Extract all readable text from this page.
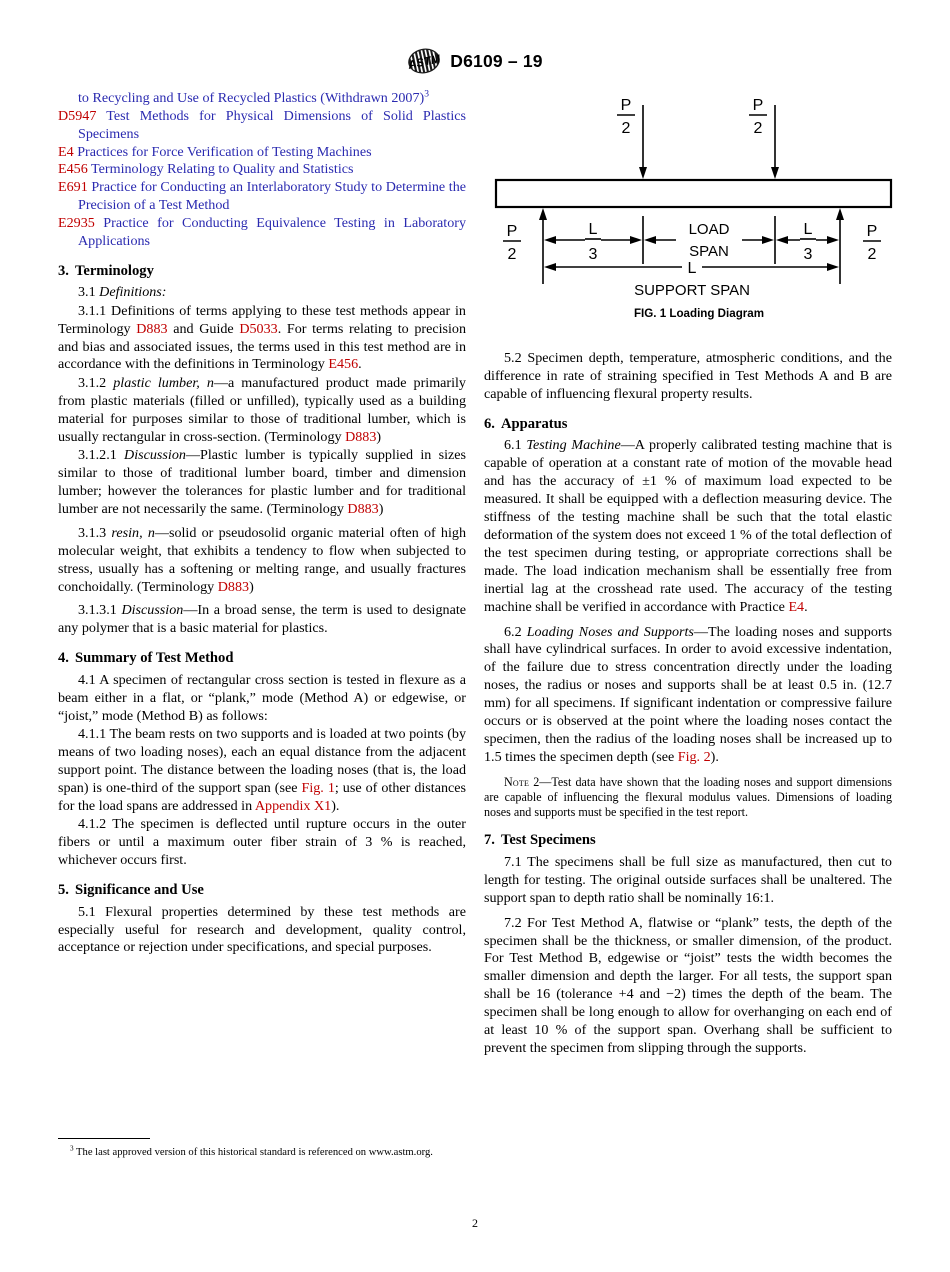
ASTM D6109 – 19

to Recycling and Use of Recycled Plastics (Withdrawn 2007)$^3$

D5947 Test Methods for Physical Dimensions of Solid Plastics Specimens

E4 Practices for Force Verification of Testing Machines

E456 Terminology Relating to Quality and Statistics

E691 Practice for Conducting an Interlaboratory Study to Determine the Precision of a Test Method

E2935 Practice for Conducting Equivalence Testing in Laboratory Applications

3. Terminology

3.1 Definitions:

3.1.1 Definitions of terms applying to these test methods appear in Terminology D883 and Guide D5033. For terms relating to precision and bias and associated issues, the terms used in this test method are in accordance with the definitions in Terminology E456.

3.1.2 plastic lumber, n—a manufactured product made primarily from plastic materials (filled or unfilled), typically used as a building material for purposes similar to those of traditional lumber, which is usually rectangular in cross-section. (Terminology D883)

3.1.2.1 Discussion—Plastic lumber is typically supplied in sizes similar to those of traditional lumber board, timber and dimension lumber; however the tolerances for plastic lumber and for traditional lumber are not necessarily the same. (Terminology D883)

3.1.3 resin, n—solid or pseudosolid organic material often of high molecular weight, that exhibits a tendency to flow when subjected to stress, usually has a softening or melting range, and usually fractures conchoidally. (Terminology D883)

3.1.3.1 Discussion—In a broad sense, the term is used to designate any polymer that is a basic material for plastics.

4. Summary of Test Method

4.1 A specimen of rectangular cross section is tested in flexure as a beam either in a flat, or “plank,” mode (Method A) or edgewise, or “joist,” mode (Method B) as follows:

4.1.1 The beam rests on two supports and is loaded at two points (by means of two loading noses), each an equal distance from the adjacent support point. The distance between the loading noses (that is, the load span) is one-third of the support span (see Fig. 1; use of other distances for the load spans are addressed in Appendix X1).

4.1.2 The specimen is deflected until rupture occurs in the outer fibers or until a maximum outer fiber strain of 3 % is reached, whichever occurs first.

5. Significance and Use

5.1 Flexural properties determined by these test methods are especially useful for research and development, quality control, acceptance or rejection under specifications, and special purposes.

P
2
P
2
P
2
P
2
L
3
LOAD
SPAN
L
3
L
SUPPORT SPAN
FIG. 1 Loading Diagram

5.2 Specimen depth, temperature, atmospheric conditions, and the difference in rate of straining specified in Test Methods A and B are capable of influencing flexural property results.

6. Apparatus

6.1 Testing Machine—A properly calibrated testing machine that is capable of operation at a constant rate of motion of the movable head and has the accuracy of ±1 % of maximum load expected to be measured. It shall be equipped with a deflection measuring device. The stiffness of the testing machine shall be such that the total elastic deformation of the system does not exceed 1 % of the total deflection of the test specimen during testing, or appropriate corrections shall be made. The load indication mechanism shall be essentially free from inertial lag at the crosshead rate used. The accuracy of the testing machine shall be verified in accordance with Practice E4.

6.2 Loading Noses and Supports—The loading noses and supports shall have cylindrical surfaces. In order to avoid excessive indentation, of the failure due to stress concentration directly under the loading noses, the radius or noses and supports shall be at least 0.5 in. (12.7 mm) for all specimens. If significant indentation or compressive failure occurs or is observed at the point where the loading noses contact the specimen, then the radius of the loading noses shall be increased up to 1.5 times the specimen depth (see Fig. 2).

Note 2—Test data have shown that the loading noses and support dimensions are capable of influencing the flexural modulus values. Dimensions of loading noses and supports must be specified in the test report.

7. Test Specimens

7.1 The specimens shall be full size as manufactured, then cut to length for testing. The original outside surfaces shall be unaltered. The support span to depth ratio shall be nominally 16:1.

7.2 For Test Method A, flatwise or “plank” tests, the depth of the specimen shall be the thickness, or smaller dimension, of the product. For Test Method B, edgewise or “joist” tests the width becomes the smaller dimension and depth the larger. For all tests, the support span shall be 16 (tolerance +4 and −2) times the depth of the beam. The specimen shall be long enough to allow for overhanging on each end of at least 10 % of the support span. Overhang shall be sufficient to prevent the specimen from slipping through the supports.

$^3$ The last approved version of this historical standard is referenced on www.astm.org.

2
